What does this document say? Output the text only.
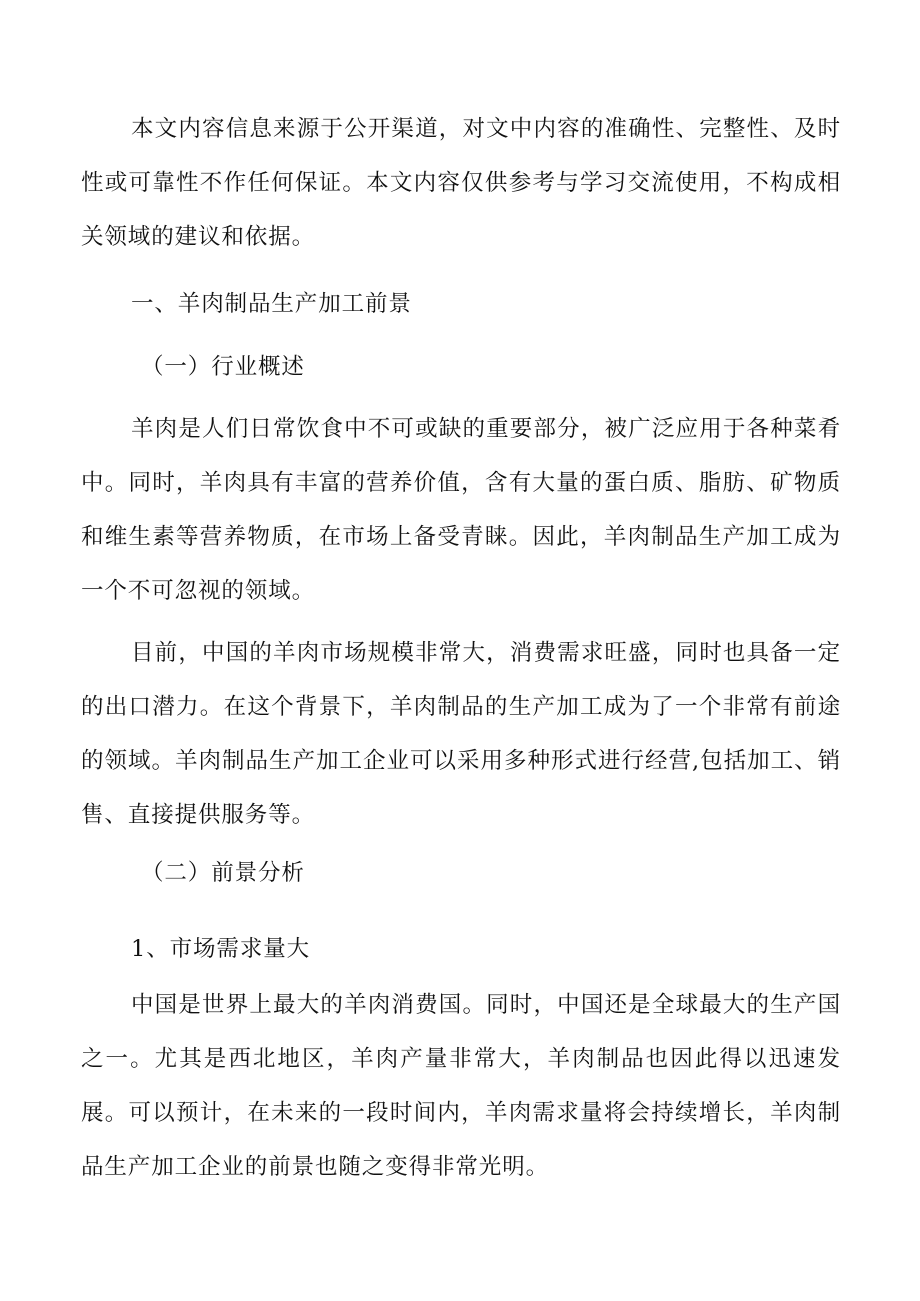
本文内容信息来源于公开渠道，对文中内容的准确性、完整性、及时性或可靠性不作任何保证。本文内容仅供参考与学习交流使用，不构成相关领域的建议和依据。

一、羊肉制品生产加工前景

（一）行业概述

羊肉是人们日常饮食中不可或缺的重要部分，被广泛应用于各种菜肴中。同时，羊肉具有丰富的营养价值，含有大量的蛋白质、脂肪、矿物质和维生素等营养物质，在市场上备受青睐。因此，羊肉制品生产加工成为一个不可忽视的领域。

目前，中国的羊肉市场规模非常大，消费需求旺盛，同时也具备一定的出口潜力。在这个背景下，羊肉制品的生产加工成为了一个非常有前途的领域。羊肉制品生产加工企业可以采用多种形式进行经营,包括加工、销售、直接提供服务等。

（二）前景分析

1、市场需求量大

中国是世界上最大的羊肉消费国。同时，中国还是全球最大的生产国之一。尤其是西北地区，羊肉产量非常大，羊肉制品也因此得以迅速发展。可以预计，在未来的一段时间内，羊肉需求量将会持续增长，羊肉制品生产加工企业的前景也随之变得非常光明。
